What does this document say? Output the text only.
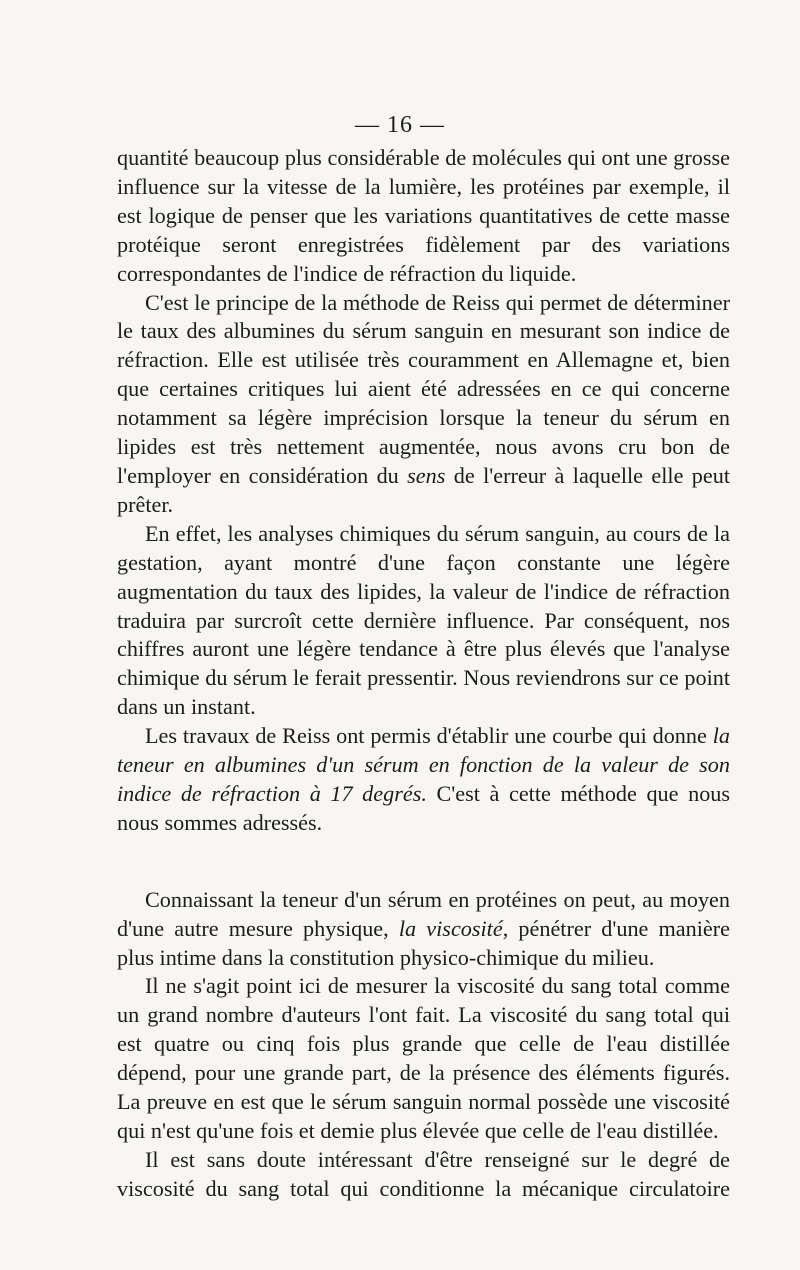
— 16 —

quantité beaucoup plus considérable de molécules qui ont une grosse influence sur la vitesse de la lumière, les protéines par exemple, il est logique de penser que les variations quantitatives de cette masse protéique seront enregistrées fidèlement par des variations correspondantes de l'indice de réfraction du liquide.

C'est le principe de la méthode de Reiss qui permet de déterminer le taux des albumines du sérum sanguin en mesurant son indice de réfraction. Elle est utilisée très couramment en Allemagne et, bien que certaines critiques lui aient été adressées en ce qui concerne notamment sa légère imprécision lorsque la teneur du sérum en lipides est très nettement augmentée, nous avons cru bon de l'employer en considération du sens de l'erreur à laquelle elle peut prêter.

En effet, les analyses chimiques du sérum sanguin, au cours de la gestation, ayant montré d'une façon constante une légère augmentation du taux des lipides, la valeur de l'indice de réfraction traduira par surcroît cette dernière influence. Par conséquent, nos chiffres auront une légère tendance à être plus élevés que l'analyse chimique du sérum le ferait pressentir. Nous reviendrons sur ce point dans un instant.

Les travaux de Reiss ont permis d'établir une courbe qui donne la teneur en albumines d'un sérum en fonction de la valeur de son indice de réfraction à 17 degrés. C'est à cette méthode que nous nous sommes adressés.

Connaissant la teneur d'un sérum en protéines on peut, au moyen d'une autre mesure physique, la viscosité, pénétrer d'une manière plus intime dans la constitution physico-chimique du milieu.

Il ne s'agit point ici de mesurer la viscosité du sang total comme un grand nombre d'auteurs l'ont fait. La viscosité du sang total qui est quatre ou cinq fois plus grande que celle de l'eau distillée dépend, pour une grande part, de la présence des éléments figurés. La preuve en est que le sérum sanguin normal possède une viscosité qui n'est qu'une fois et demie plus élevée que celle de l'eau distillée.

Il est sans doute intéressant d'être renseigné sur le degré de viscosité du sang total qui conditionne la mécanique circulatoire
